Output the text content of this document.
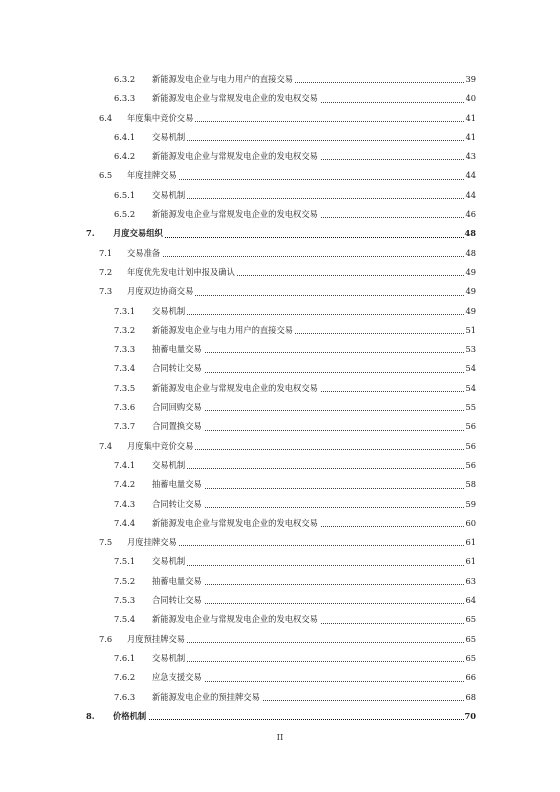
6.3.2 新能源发电企业与电力用户的直接交易	39
6.3.3 新能源发电企业与常规发电企业的发电权交易	40
6.4 年度集中竞价交易	41
6.4.1 交易机制	41
6.4.2 新能源发电企业与常规发电企业的发电权交易	43
6.5 年度挂牌交易	44
6.5.1 交易机制	44
6.5.2 新能源发电企业与常规发电企业的发电权交易	46
7. 月度交易组织	48
7.1 交易准备	48
7.2 年度优先发电计划申报及确认	49
7.3 月度双边协商交易	49
7.3.1 交易机制	49
7.3.2 新能源发电企业与电力用户的直接交易	51
7.3.3 抽蓄电量交易	53
7.3.4 合同转让交易	54
7.3.5 新能源发电企业与常规发电企业的发电权交易	54
7.3.6 合同回购交易	55
7.3.7 合同置换交易	56
7.4 月度集中竞价交易	56
7.4.1 交易机制	56
7.4.2 抽蓄电量交易	58
7.4.3 合同转让交易	59
7.4.4 新能源发电企业与常规发电企业的发电权交易	60
7.5 月度挂牌交易	61
7.5.1 交易机制	61
7.5.2 抽蓄电量交易	63
7.5.3 合同转让交易	64
7.5.4 新能源发电企业与常规发电企业的发电权交易	65
7.6 月度预挂牌交易	65
7.6.1 交易机制	65
7.6.2 应急支援交易	66
7.6.3 新能源发电企业的预挂牌交易	68
8. 价格机制	70
II
